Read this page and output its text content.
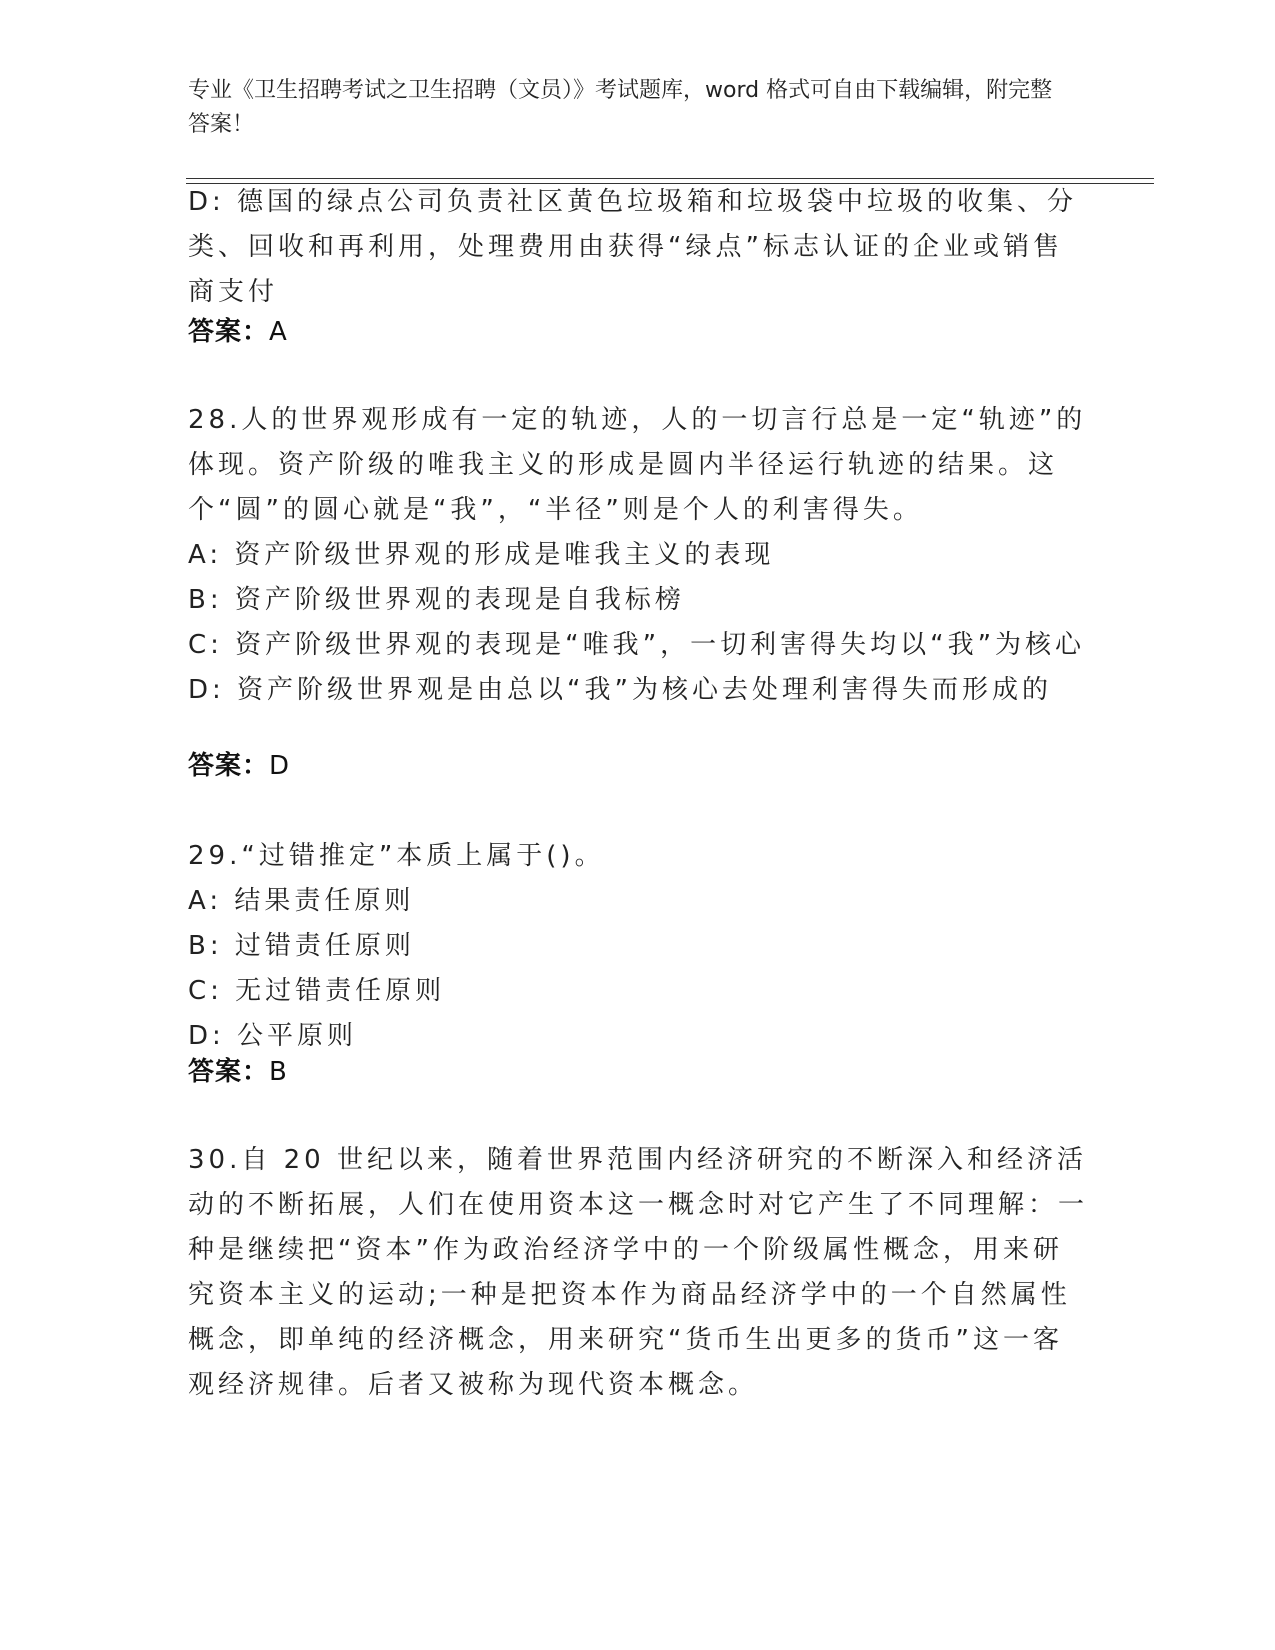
专业《卫生招聘考试之卫生招聘（文员）》考试题库，word 格式可自由下载编辑，附完整答案！

D: 德国的绿点公司负责社区黄色垃圾箱和垃圾袋中垃圾的收集、分类、回收和再利用，处理费用由获得“绿点”标志认证的企业或销售商支付

答案：A

28.人的世界观形成有一定的轨迹，人的一切言行总是一定“轨迹”的体现。资产阶级的唯我主义的形成是圆内半径运行轨迹的结果。这个“圆”的圆心就是“我”，“半径”则是个人的利害得失。

A: 资产阶级世界观的形成是唯我主义的表现

B: 资产阶级世界观的表现是自我标榜

C: 资产阶级世界观的表现是“唯我”，一切利害得失均以“我”为核心

D: 资产阶级世界观是由总以“我”为核心去处理利害得失而形成的

答案：D

29.“过错推定”本质上属于()。

A: 结果责任原则

B: 过错责任原则

C: 无过错责任原则

D: 公平原则

答案：B

30.自 20 世纪以来，随着世界范围内经济研究的不断深入和经济活动的不断拓展，人们在使用资本这一概念时对它产生了不同理解：一种是继续把“资本”作为政治经济学中的一个阶级属性概念，用来研究资本主义的运动;一种是把资本作为商品经济学中的一个自然属性概念，即单纯的经济概念，用来研究“货币生出更多的货币”这一客观经济规律。后者又被称为现代资本概念。
